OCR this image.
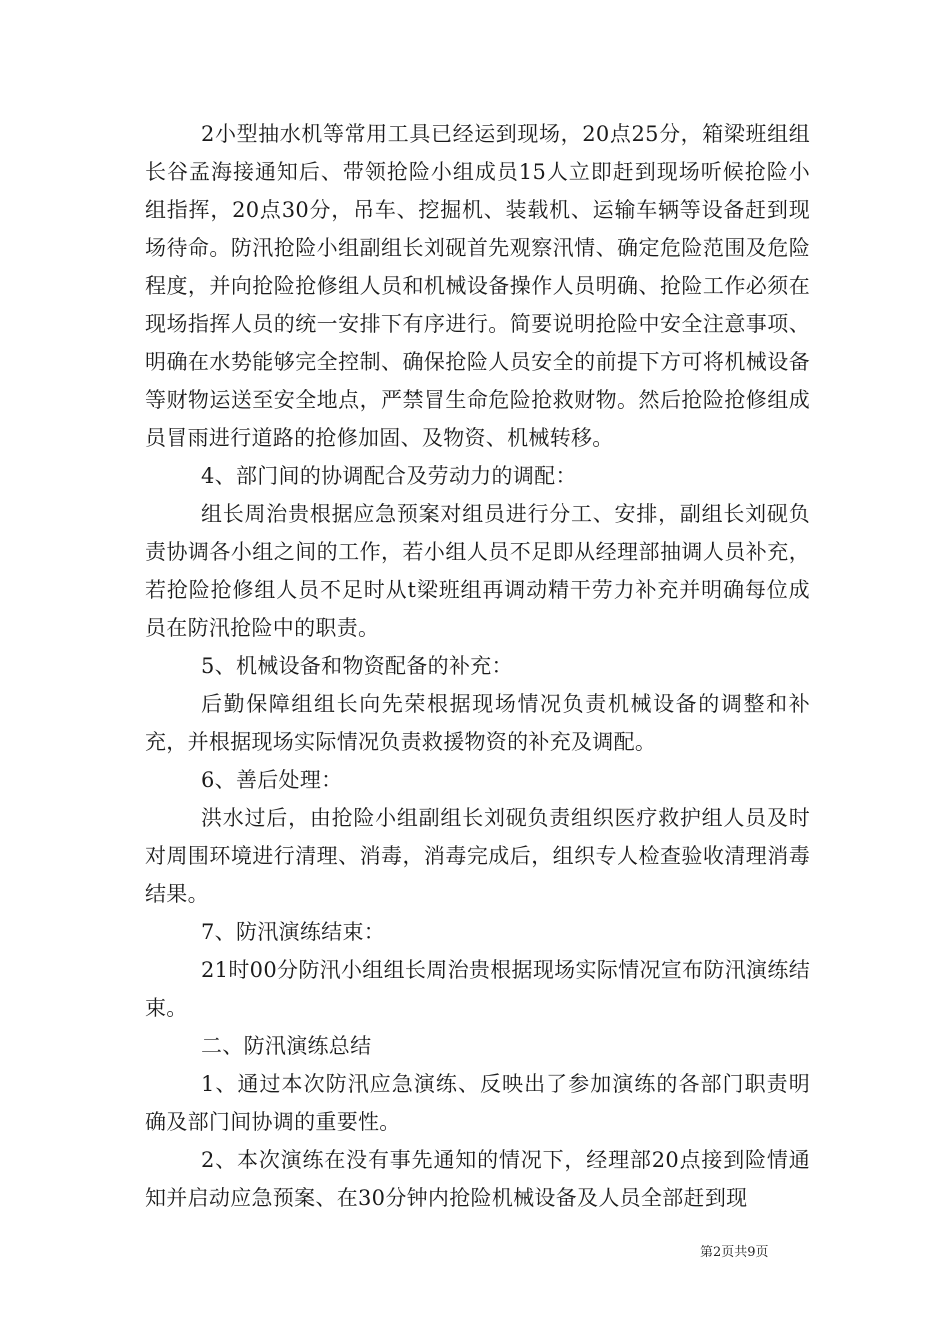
2小型抽水机等常用工具已经运到现场，20点25分，箱梁班组组长谷孟海接通知后、带领抢险小组成员15人立即赶到现场听候抢险小组指挥，20点30分，吊车、挖掘机、装载机、运输车辆等设备赶到现场待命。防汛抢险小组副组长刘砚首先观察汛情、确定危险范围及危险程度，并向抢险抢修组人员和机械设备操作人员明确、抢险工作必须在现场指挥人员的统一安排下有序进行。简要说明抢险中安全注意事项、明确在水势能够完全控制、确保抢险人员安全的前提下方可将机械设备等财物运送至安全地点，严禁冒生命危险抢救财物。然后抢险抢修组成员冒雨进行道路的抢修加固、及物资、机械转移。

4、部门间的协调配合及劳动力的调配：

组长周治贵根据应急预案对组员进行分工、安排，副组长刘砚负责协调各小组之间的工作，若小组人员不足即从经理部抽调人员补充，若抢险抢修组人员不足时从t梁班组再调动精干劳力补充并明确每位成员在防汛抢险中的职责。

5、机械设备和物资配备的补充：

后勤保障组组长向先荣根据现场情况负责机械设备的调整和补充，并根据现场实际情况负责救援物资的补充及调配。

6、善后处理：

洪水过后，由抢险小组副组长刘砚负责组织医疗救护组人员及时对周围环境进行清理、消毒，消毒完成后，组织专人检查验收清理消毒结果。

7、防汛演练结束：

21时00分防汛小组组长周治贵根据现场实际情况宣布防汛演练结束。

二、防汛演练总结

1、通过本次防汛应急演练、反映出了参加演练的各部门职责明确及部门间协调的重要性。

2、本次演练在没有事先通知的情况下，经理部20点接到险情通知并启动应急预案、在30分钟内抢险机械设备及人员全部赶到现

第2页共9页
